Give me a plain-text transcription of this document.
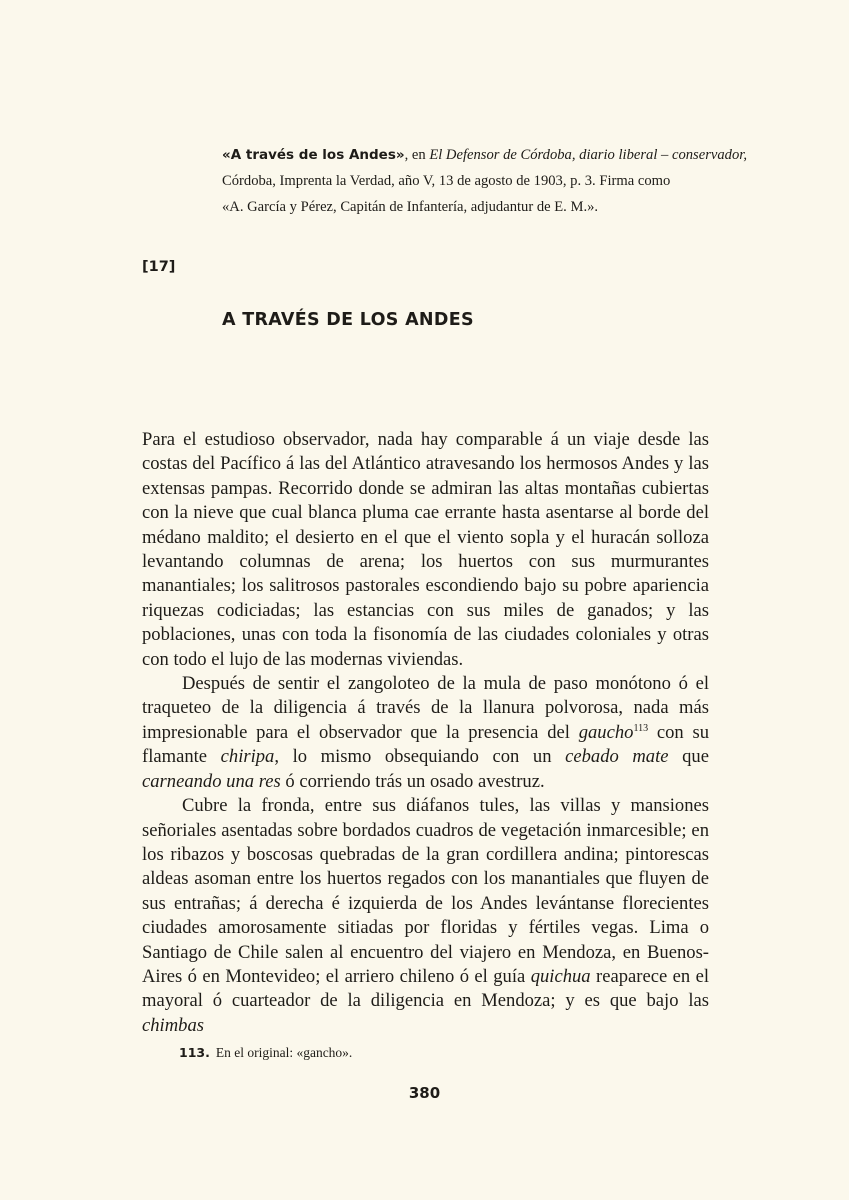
«A través de los Andes», en El Defensor de Córdoba, diario liberal – conservador,
Córdoba, Imprenta la Verdad, año V, 13 de agosto de 1903, p. 3. Firma como
«A. García y Pérez, Capitán de Infantería, adjudantur de E. M.».
[17]
A TRAVÉS DE LOS ANDES

Para el estudioso observador, nada hay comparable á un viaje desde las costas del Pacífico á las del Atlántico atravesando los hermosos Andes y las extensas pampas. Recorrido donde se admiran las altas montañas cubiertas con la nieve que cual blanca pluma cae errante hasta asentarse al borde del médano maldito; el desierto en el que el viento sopla y el huracán solloza levantando columnas de arena; los huertos con sus murmurantes manantiales; los salitrosos pastorales escondiendo bajo su pobre apariencia riquezas codiciadas; las estancias con sus miles de ganados; y las poblaciones, unas con toda la fisonomía de las ciudades coloniales y otras con todo el lujo de las modernas viviendas.

Después de sentir el zangoloteo de la mula de paso monótono ó el traqueteo de la diligencia á través de la llanura polvorosa, nada más impresionable para el observador que la presencia del gaucho$^{113}$ con su flamante chiripa, lo mismo obsequiando con un cebado mate que carneando una res ó corriendo trás un osado avestruz.

Cubre la fronda, entre sus diáfanos tules, las villas y mansiones señoriales asentadas sobre bordados cuadros de vegetación inmarcesible; en los ribazos y boscosas quebradas de la gran cordillera andina; pintorescas aldeas asoman entre los huertos regados con los manantiales que fluyen de sus entrañas; á derecha é izquierda de los Andes levántanse florecientes ciudades amorosamente sitiadas por floridas y fértiles vegas. Lima o Santiago de Chile salen al encuentro del viajero en Mendoza, en Buenos-Aires ó en Montevideo; el arriero chileno ó el guía quichua reaparece en el mayoral ó cuarteador de la diligencia en Mendoza; y es que bajo las chimbas

113. En el original: «gancho».
380
